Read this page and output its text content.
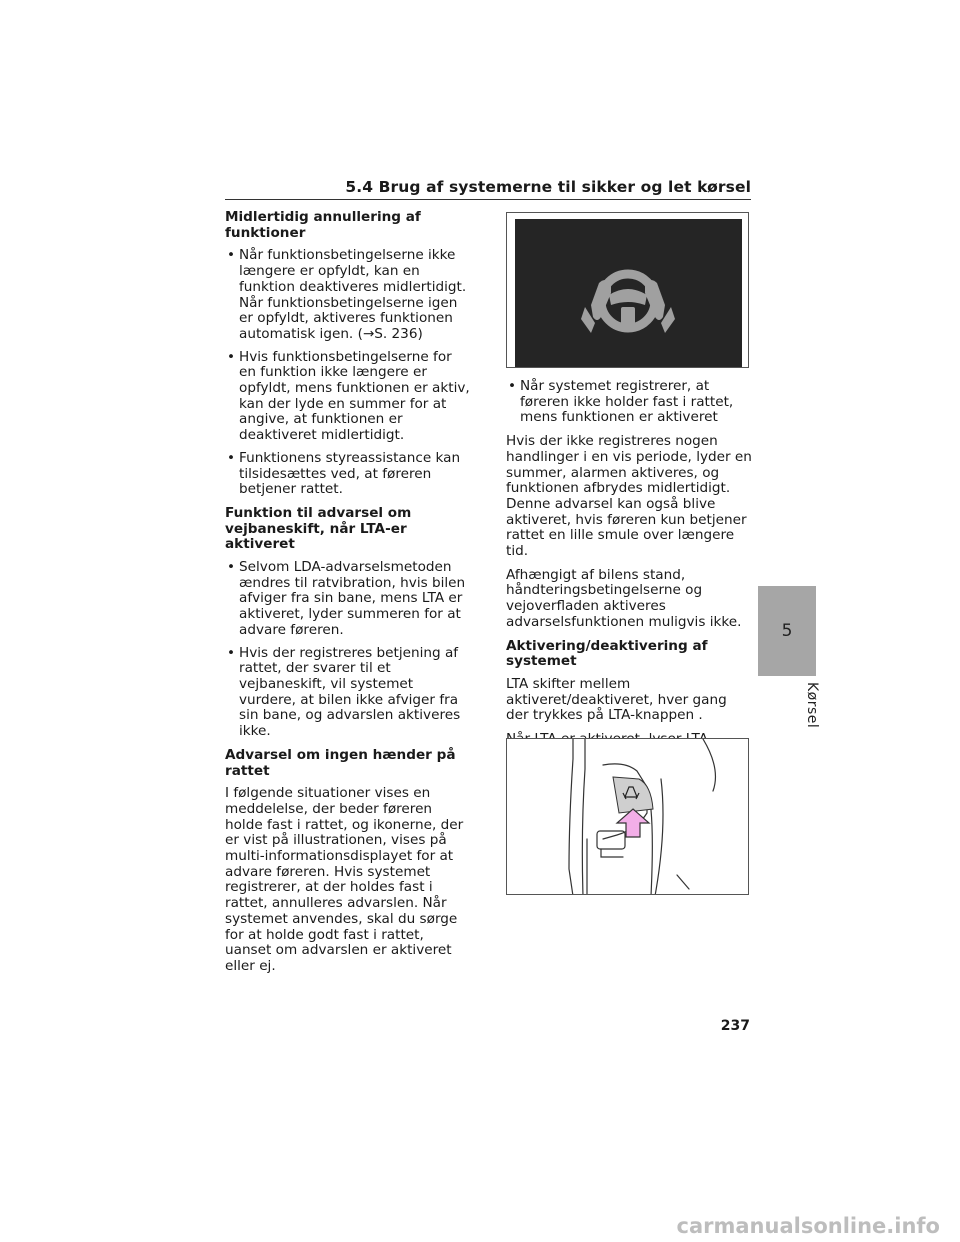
5.4 Brug af systemerne til sikker og let kørsel
Midlertidig annullering af funktioner
• Når funktionsbetingelserne ikke længere er opfyldt, kan en funktion deaktiveres midlertidigt. Når funktionsbetingelserne igen er opfyldt, aktiveres funktionen automatisk igen. (→S. 236)
• Hvis funktionsbetingelserne for en funktion ikke længere er opfyldt, mens funktionen er aktiv, kan der lyde en summer for at angive, at funktionen er deaktiveret midlertidigt.
• Funktionens styreassistance kan tilsidesættes ved, at føreren betjener rattet.
Funktion til advarsel om vejbaneskift, når LTA-er aktiveret
• Selvom LDA-advarselsmetoden ændres til ratvibration, hvis bilen afviger fra sin bane, mens LTA er aktiveret, lyder summeren for at advare føreren.
• Hvis der registreres betjening af rattet, der svarer til et vejbaneskift, vil systemet vurdere, at bilen ikke afviger fra sin bane, og advarslen aktiveres ikke.
Advarsel om ingen hænder på rattet

I følgende situationer vises en meddelelse, der beder føreren holde fast i rattet, og ikonerne, der er vist på illustrationen, vises på multi-informationsdisplayet for at advare føreren. Hvis systemet registrerer, at der holdes fast i rattet, annulleres advarslen. Når systemet anvendes, skal du sørge for at holde godt fast i rattet, uanset om advarslen er aktiveret eller ej.

• Når systemet registrerer, at føreren ikke holder fast i rattet, mens funktionen er aktiveret

Hvis der ikke registreres nogen handlinger i en vis periode, lyder en summer, alarmen aktiveres, og funktionen afbrydes midlertidigt. Denne advarsel kan også blive aktiveret, hvis føreren kun betjener rattet en lille smule over længere tid.

Afhængigt af bilens stand, håndteringsbetingelserne og vejoverfladen aktiveres advarselsfunktionen muligvis ikke.

Aktivering/deaktivering af systemet

LTA skifter mellem aktiveret/deaktiveret, hver gang der trykkes på LTA-knappen .

5
Kørsel
237
carmanualsonline.info
